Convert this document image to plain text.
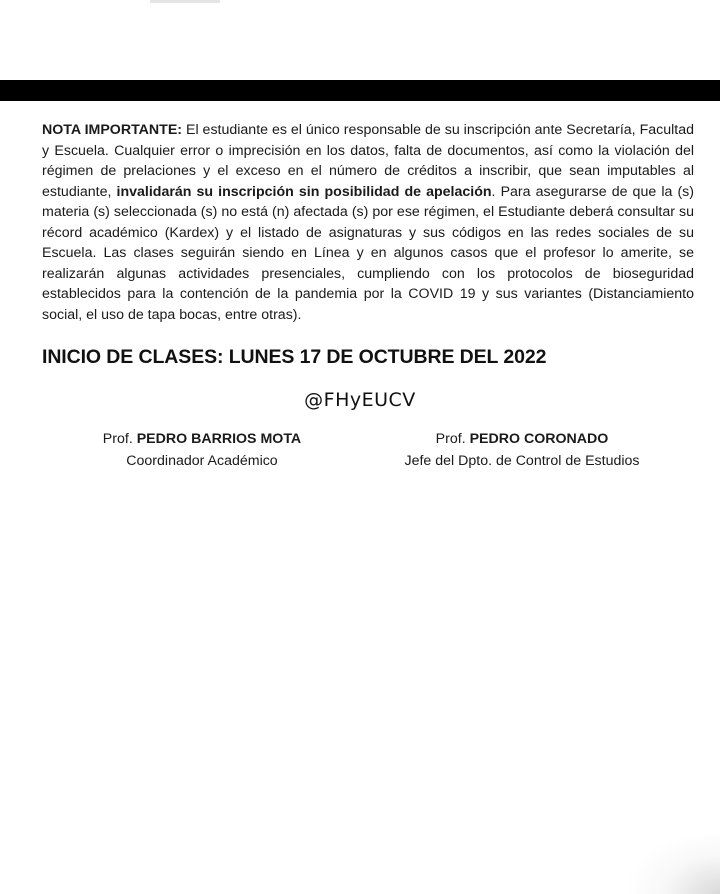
NOTA IMPORTANTE: El estudiante es el único responsable de su inscripción ante Secretaría, Facultad y Escuela. Cualquier error o imprecisión en los datos, falta de documentos, así como la violación del régimen de prelaciones y el exceso en el número de créditos a inscribir, que sean imputables al estudiante, invalidarán su inscripción sin posibilidad de apelación. Para asegurarse de que la (s) materia (s) seleccionada (s) no está (n) afectada (s) por ese régimen, el Estudiante deberá consultar su récord académico (Kardex) y el listado de asignaturas y sus códigos en las redes sociales de su Escuela. Las clases seguirán siendo en Línea y en algunos casos que el profesor lo amerite, se realizarán algunas actividades presenciales, cumpliendo con los protocolos de bioseguridad establecidos para la contención de la pandemia por la COVID 19 y sus variantes (Distanciamiento social, el uso de tapa bocas, entre otras).

INICIO DE CLASES: LUNES 17 DE OCTUBRE DEL 2022
@FHyEUCV
Prof. PEDRO BARRIOS MOTA
Coordinador Académico
Prof. PEDRO CORONADO
Jefe del Dpto. de Control de Estudios
